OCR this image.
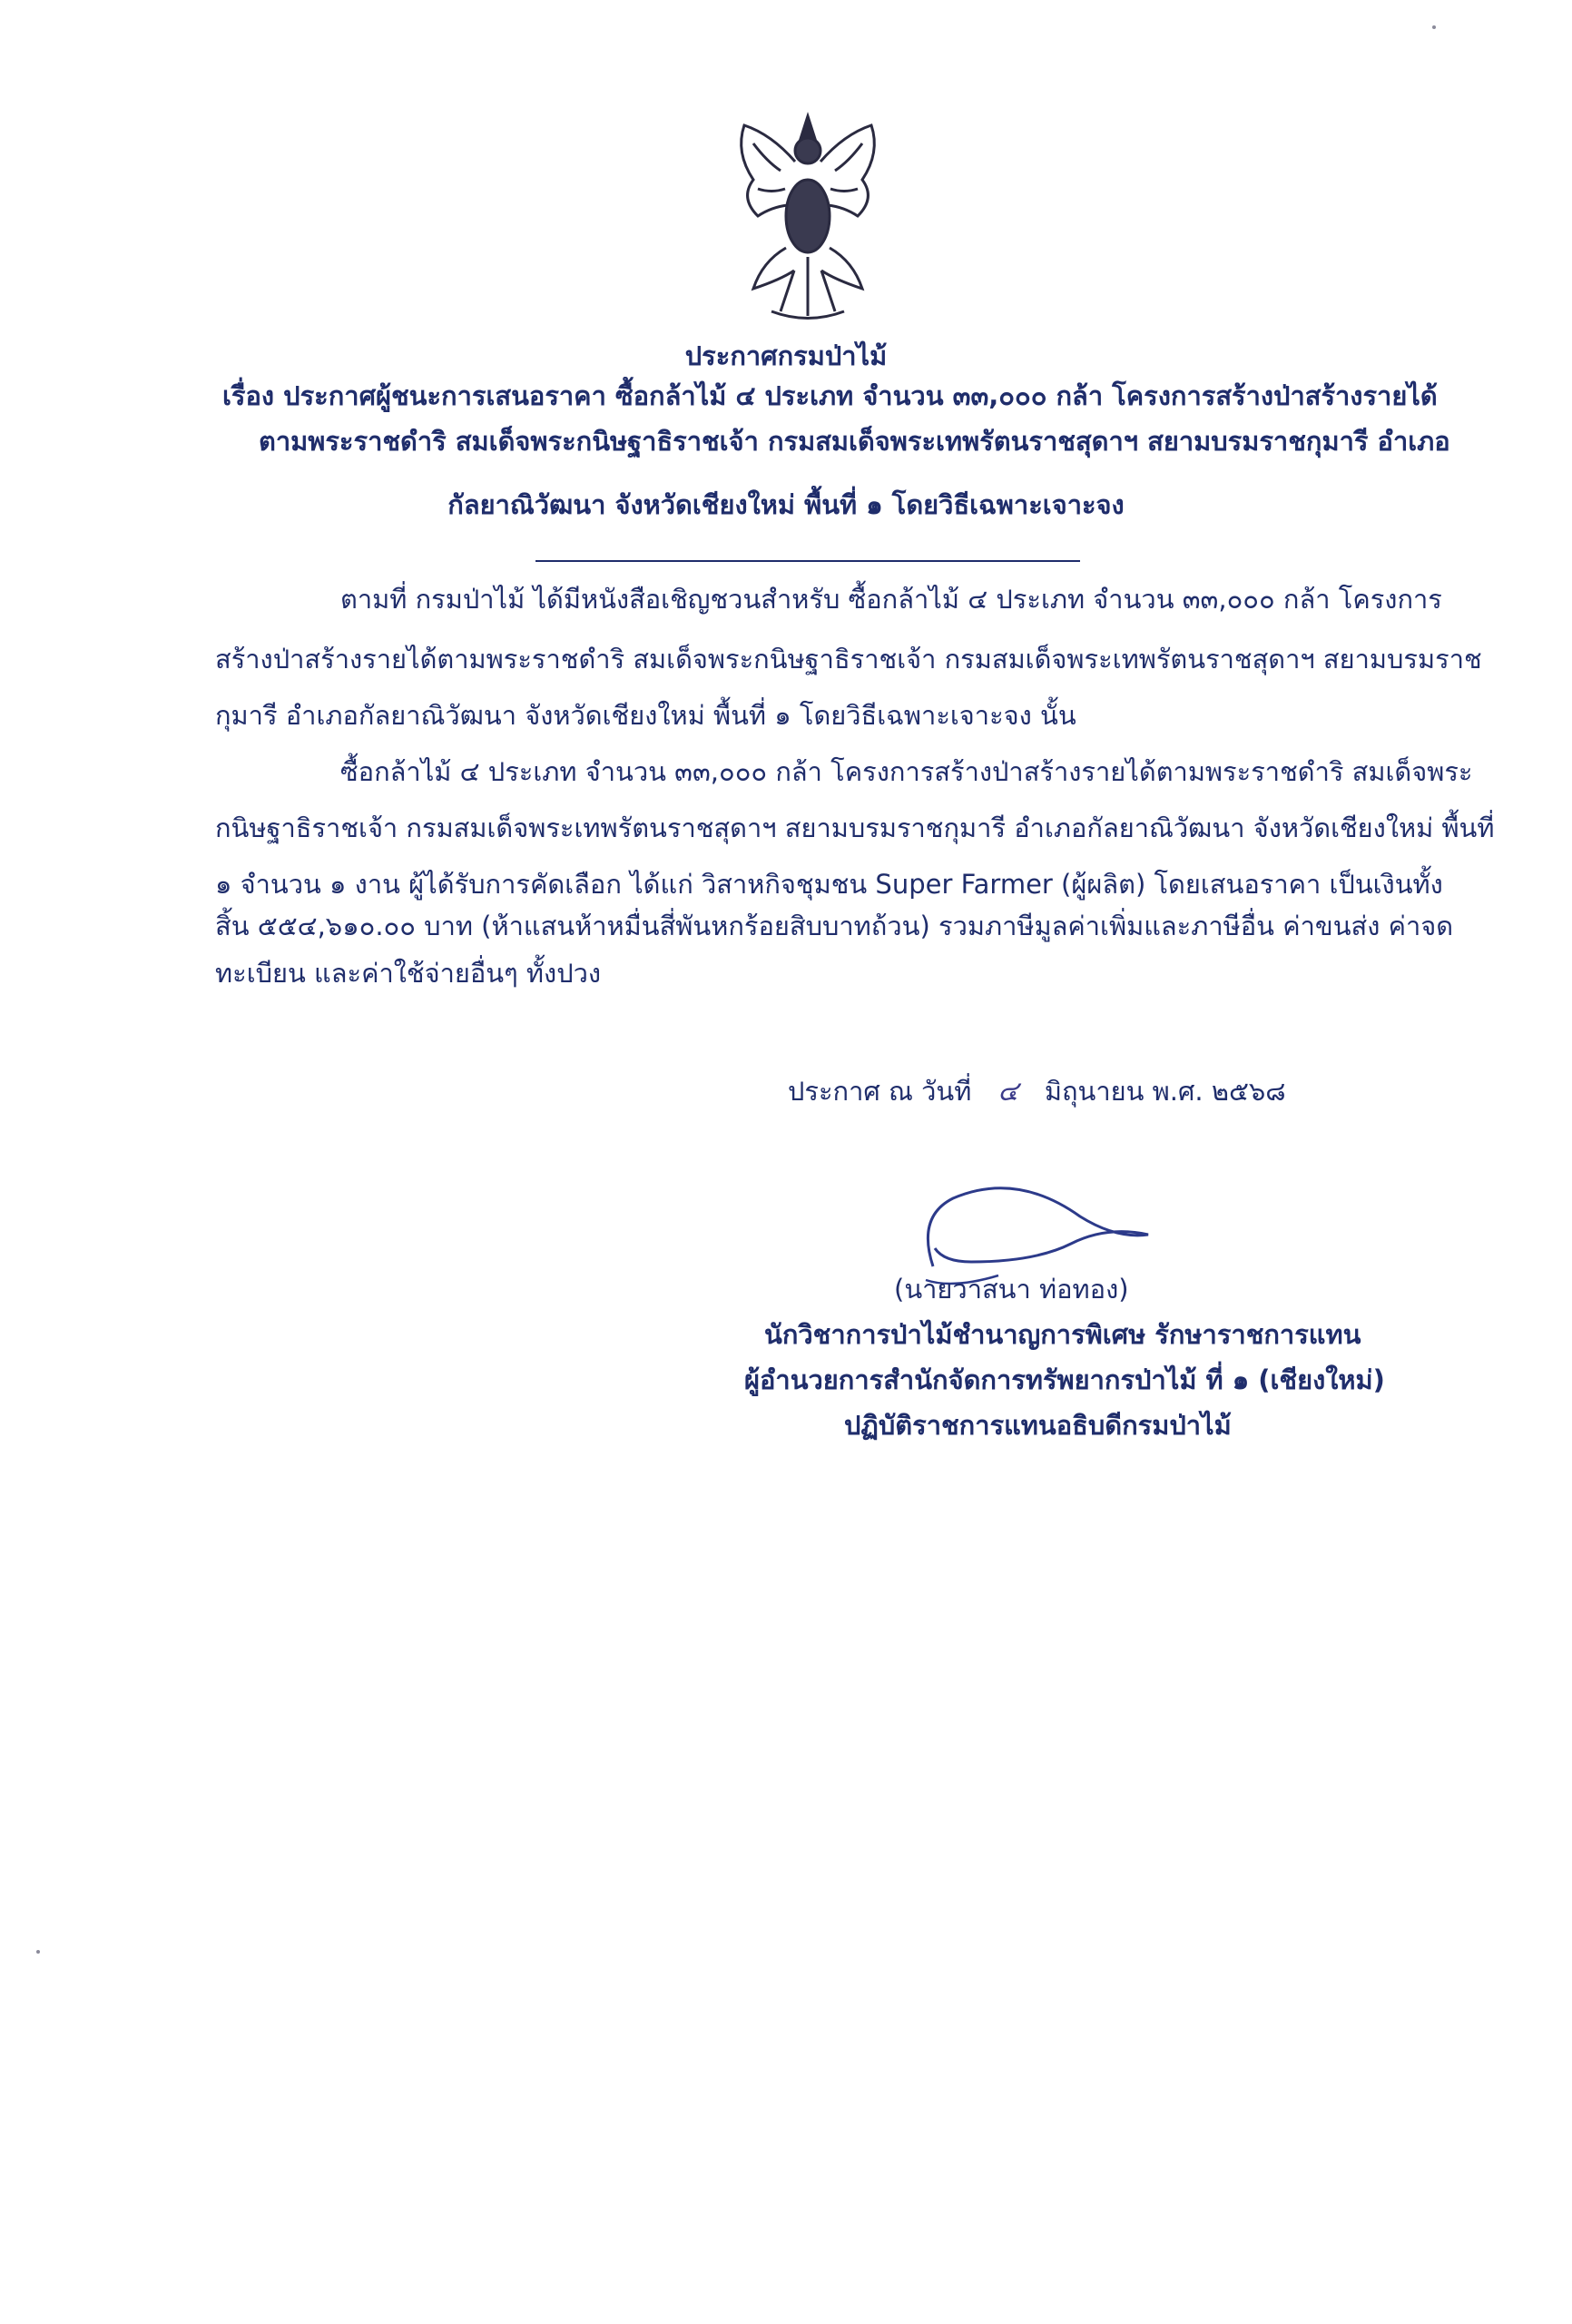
ประกาศกรมป่าไม้
เรื่อง ประกาศผู้ชนะการเสนอราคา ซื้อกล้าไม้ ๔ ประเภท จำนวน ๓๓,๐๐๐ กล้า โครงการสร้างป่าสร้างรายได้
ตามพระราชดำริ สมเด็จพระกนิษฐาธิราชเจ้า กรมสมเด็จพระเทพรัตนราชสุดาฯ สยามบรมราชกุมารี อำเภอ
กัลยาณิวัฒนา จังหวัดเชียงใหม่ พื้นที่ ๑ โดยวิธีเฉพาะเจาะจง
ตามที่ กรมป่าไม้ ได้มีหนังสือเชิญชวนสำหรับ ซื้อกล้าไม้ ๔ ประเภท จำนวน ๓๓,๐๐๐ กล้า โครงการ
สร้างป่าสร้างรายได้ตามพระราชดำริ สมเด็จพระกนิษฐาธิราชเจ้า กรมสมเด็จพระเทพรัตนราชสุดาฯ สยามบรมราช
กุมารี อำเภอกัลยาณิวัฒนา จังหวัดเชียงใหม่ พื้นที่ ๑ โดยวิธีเฉพาะเจาะจง นั้น
ซื้อกล้าไม้ ๔ ประเภท จำนวน ๓๓,๐๐๐ กล้า โครงการสร้างป่าสร้างรายได้ตามพระราชดำริ สมเด็จพระ
กนิษฐาธิราชเจ้า กรมสมเด็จพระเทพรัตนราชสุดาฯ สยามบรมราชกุมารี อำเภอกัลยาณิวัฒนา จังหวัดเชียงใหม่ พื้นที่
๑ จำนวน ๑ งาน ผู้ได้รับการคัดเลือก ได้แก่ วิสาหกิจชุมชน Super Farmer (ผู้ผลิต) โดยเสนอราคา เป็นเงินทั้ง
สิ้น ๕๕๔,๖๑๐.๐๐ บาท (ห้าแสนห้าหมื่นสี่พันหกร้อยสิบบาทถ้วน) รวมภาษีมูลค่าเพิ่มและภาษีอื่น ค่าขนส่ง ค่าจด
ทะเบียน และค่าใช้จ่ายอื่นๆ ทั้งปวง
ประกาศ ณ วันที่ ๔ มิถุนายน พ.ศ. ๒๕๖๘
(นายวาสนา ท่อทอง)
นักวิชาการป่าไม้ชำนาญการพิเศษ รักษาราชการแทน
ผู้อำนวยการสำนักจัดการทรัพยากรป่าไม้ ที่ ๑ (เชียงใหม่)
ปฏิบัติราชการแทนอธิบดีกรมป่าไม้
